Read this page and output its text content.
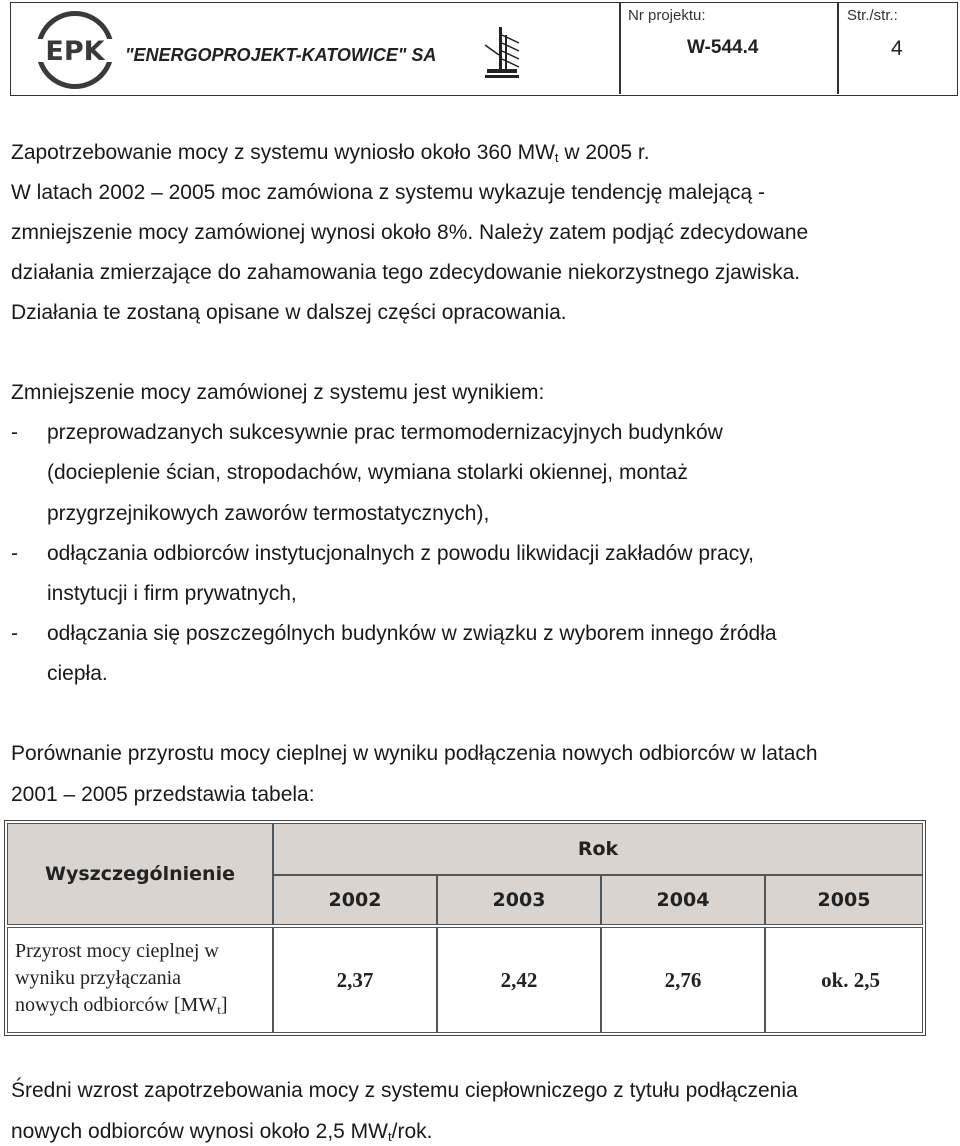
EPK "ENERGOPROJEKT-KATOWICE" SA
Nr projektu:
W-544.4
Str./str.:
4
Zapotrzebowanie mocy z systemu wyniosło około 360 $MW_t$ w 2005 r.
W latach 2002 – 2005 moc zamówiona z systemu wykazuje tendencję malejącą -
zmniejszenie mocy zamówionej wynosi około 8%. Należy zatem podjąć zdecydowane
działania zmierzające do zahamowania tego zdecydowanie niekorzystnego zjawiska.
Działania te zostaną opisane w dalszej części opracowania.
Zmniejszenie mocy zamówionej z systemu jest wynikiem:
- przeprowadzanych sukcesywnie prac termomodernizacyjnych budynków
(docieplenie ścian, stropodachów, wymiana stolarki okiennej, montaż
przygrzejnikowych zaworów termostatycznych),
- odłączania odbiorców instytucjonalnych z powodu likwidacji zakładów pracy,
instytucji i firm prywatnych,
- odłączania się poszczególnych budynków w związku z wyborem innego źródła
ciepła.
Porównanie przyrostu mocy cieplnej w wyniku podłączenia nowych odbiorców w latach
2001 – 2005 przedstawia tabela:
Wyszczególnienie
Rok
2002	2003	2004	2005
Przyrost mocy cieplnej w
wyniku przyłączania
nowych odbiorców $[MW_t]$
2,37	2,42	2,76	ok. 2,5
Średni wzrost zapotrzebowania mocy z systemu ciepłowniczego z tytułu podłączenia
nowych odbiorców wynosi około 2,5 $MW_t$/rok.
